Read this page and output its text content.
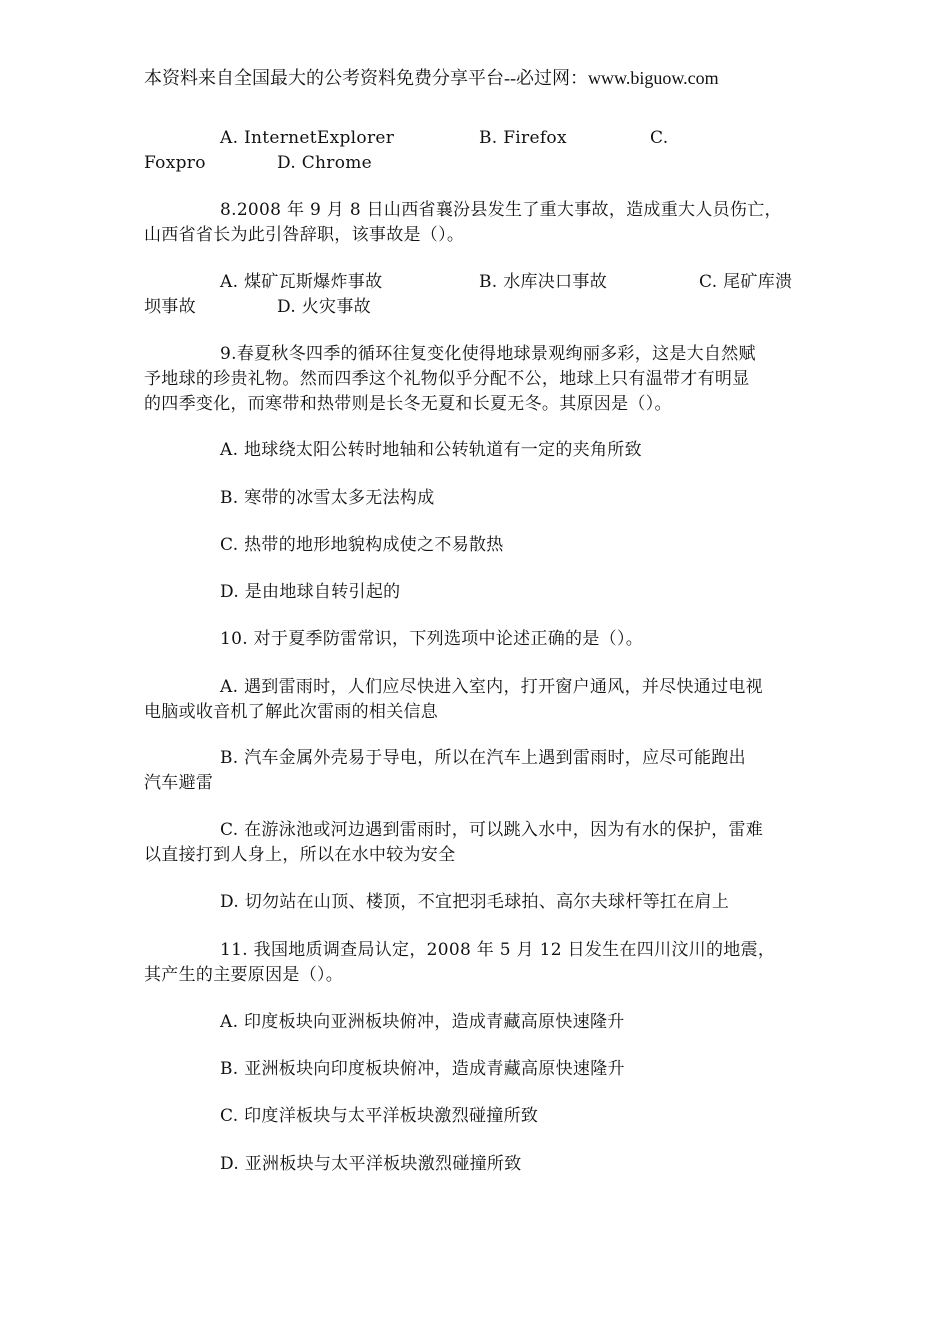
本资料来自全国最大的公考资料免费分享平台--必过网：www.biguow.com
A. InternetExplorer	B. Firefox	C.
Foxpro	D. Chrome
8.2008 年 9 月 8 日山西省襄汾县发生了重大事故，造成重大人员伤亡，
山西省省长为此引咎辞职，该事故是（）。
A. 煤矿瓦斯爆炸事故	B. 水库决口事故	C. 尾矿库溃
坝事故	D. 火灾事故
9.春夏秋冬四季的循环往复变化使得地球景观绚丽多彩，这是大自然赋
予地球的珍贵礼物。然而四季这个礼物似乎分配不公，地球上只有温带才有明显
的四季变化，而寒带和热带则是长冬无夏和长夏无冬。其原因是（）。
A. 地球绕太阳公转时地轴和公转轨道有一定的夹角所致
B. 寒带的冰雪太多无法构成
C. 热带的地形地貌构成使之不易散热
D. 是由地球自转引起的
10. 对于夏季防雷常识，下列选项中论述正确的是（）。
A. 遇到雷雨时，人们应尽快进入室内，打开窗户通风，并尽快通过电视
电脑或收音机了解此次雷雨的相关信息
B. 汽车金属外壳易于导电，所以在汽车上遇到雷雨时，应尽可能跑出
汽车避雷
C. 在游泳池或河边遇到雷雨时，可以跳入水中，因为有水的保护，雷难
以直接打到人身上，所以在水中较为安全
D. 切勿站在山顶、楼顶，不宜把羽毛球拍、高尔夫球杆等扛在肩上
11. 我国地质调查局认定，2008 年 5 月 12 日发生在四川汶川的地震，
其产生的主要原因是（）。
A. 印度板块向亚洲板块俯冲，造成青藏高原快速隆升
B. 亚洲板块向印度板块俯冲，造成青藏高原快速隆升
C. 印度洋板块与太平洋板块激烈碰撞所致
D. 亚洲板块与太平洋板块激烈碰撞所致
